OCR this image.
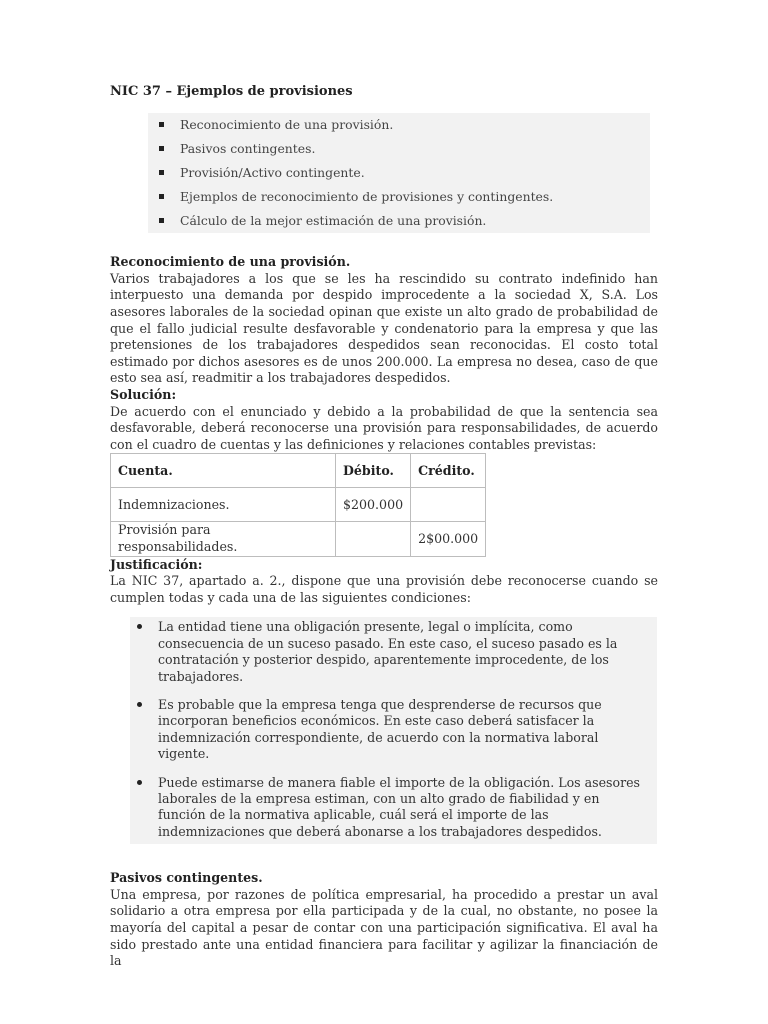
NIC 37 – Ejemplos de provisiones
Reconocimiento de una provisión.
Pasivos contingentes.
Provisión/Activo contingente.
Ejemplos de reconocimiento de provisiones y contingentes.
Cálculo de la mejor estimación de una provisión.
Reconocimiento de una provisión.

Varios trabajadores a los que se les ha rescindido su contrato indefinido han interpuesto una demanda por despido improcedente a la sociedad X, S.A. Los asesores laborales de la sociedad opinan que existe un alto grado de probabilidad de que el fallo judicial resulte desfavorable y condenatorio para la empresa y que las pretensiones de los trabajadores despedidos sean reconocidas. El costo total estimado por dichos asesores es de unos 200.000. La empresa no desea, caso de que esto sea así, readmitir a los trabajadores despedidos.

Solución:

De acuerdo con el enunciado y debido a la probabilidad de que la sentencia sea desfavorable, deberá reconocerse una provisión para responsabilidades, de acuerdo con el cuadro de cuentas y las definiciones y relaciones contables previstas:

Cuenta.	Débito.	Crédito.
Indemnizaciones.	$200.000	
Provisión para responsabilidades.		2$00.000
Justificación:

La NIC 37, apartado a. 2., dispone que una provisión debe reconocerse cuando se cumplen todas y cada una de las siguientes condiciones:

La entidad tiene una obligación presente, legal o implícita, como consecuencia de un suceso pasado. En este caso, el suceso pasado es la contratación y posterior despido, aparentemente improcedente, de los trabajadores.
Es probable que la empresa tenga que desprenderse de recursos que incorporan beneficios económicos. En este caso deberá satisfacer la indemnización correspondiente, de acuerdo con la normativa laboral vigente.
Puede estimarse de manera fiable el importe de la obligación. Los asesores laborales de la empresa estiman, con un alto grado de fiabilidad y en función de la normativa aplicable, cuál será el importe de las indemnizaciones que deberá abonarse a los trabajadores despedidos.
Pasivos contingentes.

Una empresa, por razones de política empresarial, ha procedido a prestar un aval solidario a otra empresa por ella participada y de la cual, no obstante, no posee la mayoría del capital a pesar de contar con una participación significativa. El aval ha sido prestado ante una entidad financiera para facilitar y agilizar la financiación de la
